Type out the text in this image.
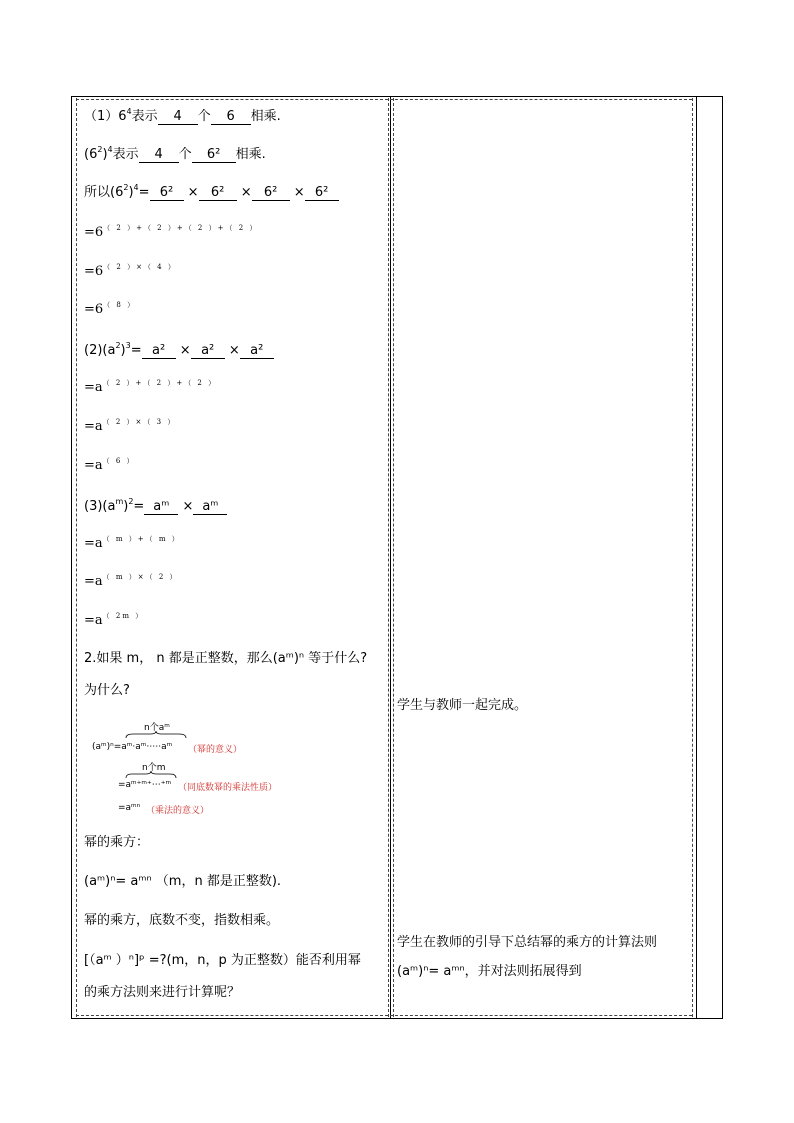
$(1)6^4$表示 4 个 6 相乘.
$(6^2)^4$表示 4 个 6² 相乘.
所以$(6^2)^4= 6^2 \times 6^2 \times 6^2 \times 6^2$
$=6^{( 2 )+( 2 )+( 2 )+( 2 )}$
$=6^{( 2 )\times( 4 )}$
$=6^{( 8 )}$
$(2)(a^2)^3= a^2 \times a^2 \times a^2$
$=a^{( 2 )+( 2 )+( 2 )}$
$=a^{( 2 )\times( 3 )}$
$=a^{( 6 )}$
$(3)(a^m)^2=$ aᵐ × aᵐ
$=a^{( m )+( m )}$
$=a^{( m )\times( 2 )}$
$=a^{( 2m )}$
2.如果 m， n 都是正整数，那么(aᵐ)ⁿ 等于什么?
为什么?
幂的乘方：
(aᵐ)ⁿ= aᵐⁿ （m，n 都是正整数).
幂的乘方，底数不变，指数相乘。
[（aᵐ ）ⁿ]ᵖ =?(m，n，p 为正整数）能否利用幂
的乘方法则来进行计算呢？
n个aᵐ
(aᵐ)ⁿ=aᵐ·aᵐ·⋯·aᵐ （幂的意义）
n个m
=aᵐ⁺ᵐ⁺⋯⁺ᵐ （同底数幂的乘法性质）
=aᵐⁿ （乘法的意义）
学生与教师一起完成。
学生在教师的引导下总结幂的乘方的计算法则
(aᵐ)ⁿ= aᵐⁿ，并对法则拓展得到
